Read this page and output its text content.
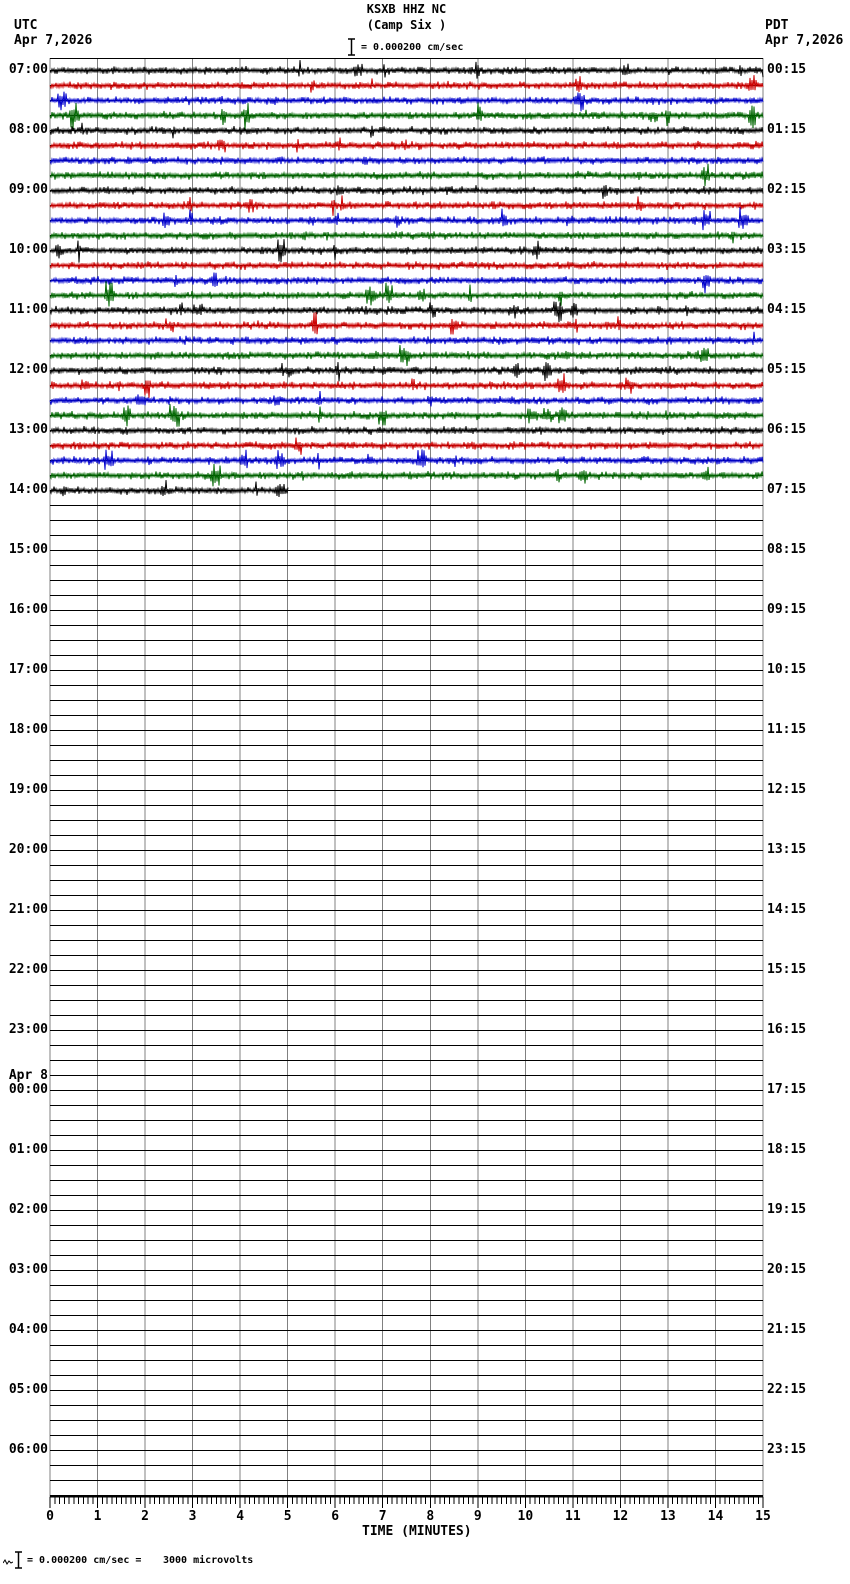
UTC
Apr 7,2026
PDT
Apr 7,2026
KSXB HHZ NC
(Camp Six )
= 0.000200 cm/sec
07:00
08:00
09:00
10:00
11:00
12:00
13:00
14:00
15:00
16:00
17:00
18:00
19:00
20:00
21:00
22:00
23:00
Apr 8
00:00
01:00
02:00
03:00
04:00
05:00
06:00
00:15
01:15
02:15
03:15
04:15
05:15
06:15
07:15
08:15
09:15
10:15
11:15
12:15
13:15
14:15
15:15
16:15
17:15
18:15
19:15
20:15
21:15
22:15
23:15
0	1	2	3	4	5	6	7	8	9	10 11 12 13 14 15
TIME (MINUTES)
= 0.000200 cm/sec = 3000 microvolts
